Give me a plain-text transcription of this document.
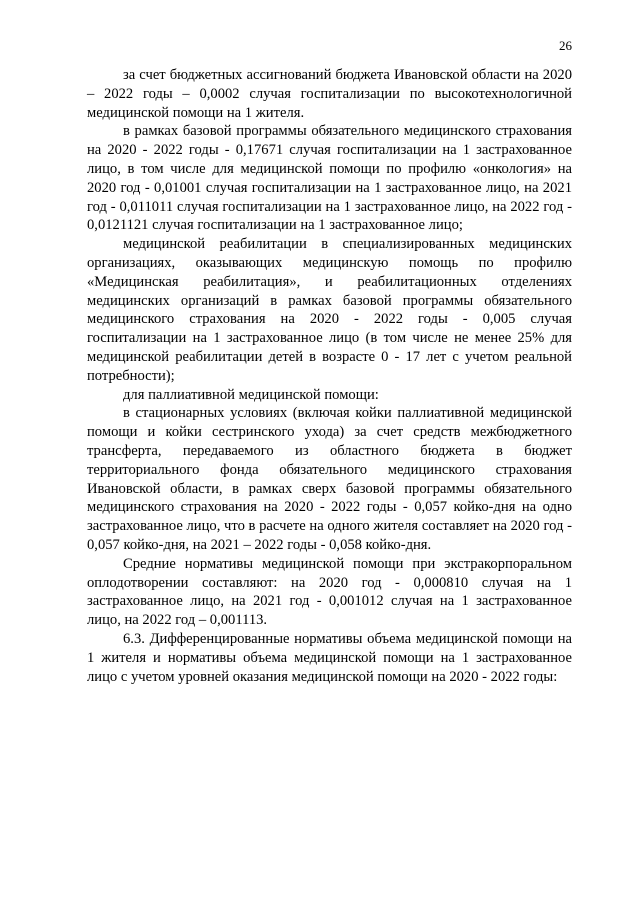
26

за счет бюджетных ассигнований бюджета Ивановской области на 2020 – 2022 годы – 0,0002 случая госпитализации по высокотехнологичной медицинской помощи на 1 жителя.

в рамках базовой программы обязательного медицинского страхования на 2020 - 2022 годы - 0,17671 случая госпитализации на 1 застрахованное лицо, в том числе для медицинской помощи по профилю «онкология» на 2020 год - 0,01001 случая госпитализации на 1 застрахованное лицо, на 2021 год - 0,011011 случая госпитализации на 1 застрахованное лицо, на 2022 год - 0,0121121 случая госпитализации на 1 застрахованное лицо;

медицинской реабилитации в специализированных медицинских организациях, оказывающих медицинскую помощь по профилю «Медицинская реабилитация», и реабилитационных отделениях медицинских организаций в рамках базовой программы обязательного медицинского страхования на 2020 - 2022 годы - 0,005 случая госпитализации на 1 застрахованное лицо (в том числе не менее 25% для медицинской реабилитации детей в возрасте 0 - 17 лет с учетом реальной потребности);

для паллиативной медицинской помощи:

в стационарных условиях (включая койки паллиативной медицинской помощи и койки сестринского ухода) за счет средств межбюджетного трансферта, передаваемого из областного бюджета в бюджет территориального фонда обязательного медицинского страхования Ивановской области, в рамках сверх базовой программы обязательного медицинского страхования на 2020 - 2022 годы - 0,057 койко-дня на одно застрахованное лицо, что в расчете на одного жителя составляет на 2020 год - 0,057 койко-дня, на 2021 – 2022 годы - 0,058 койко-дня.

Средние нормативы медицинской помощи при экстракорпоральном оплодотворении составляют: на 2020 год - 0,000810 случая на 1 застрахованное лицо, на 2021 год - 0,001012 случая на 1 застрахованное лицо, на 2022 год – 0,001113.

6.3. Дифференцированные нормативы объема медицинской помощи на 1 жителя и нормативы объема медицинской помощи на 1 застрахованное лицо с учетом уровней оказания медицинской помощи на 2020 - 2022 годы:
